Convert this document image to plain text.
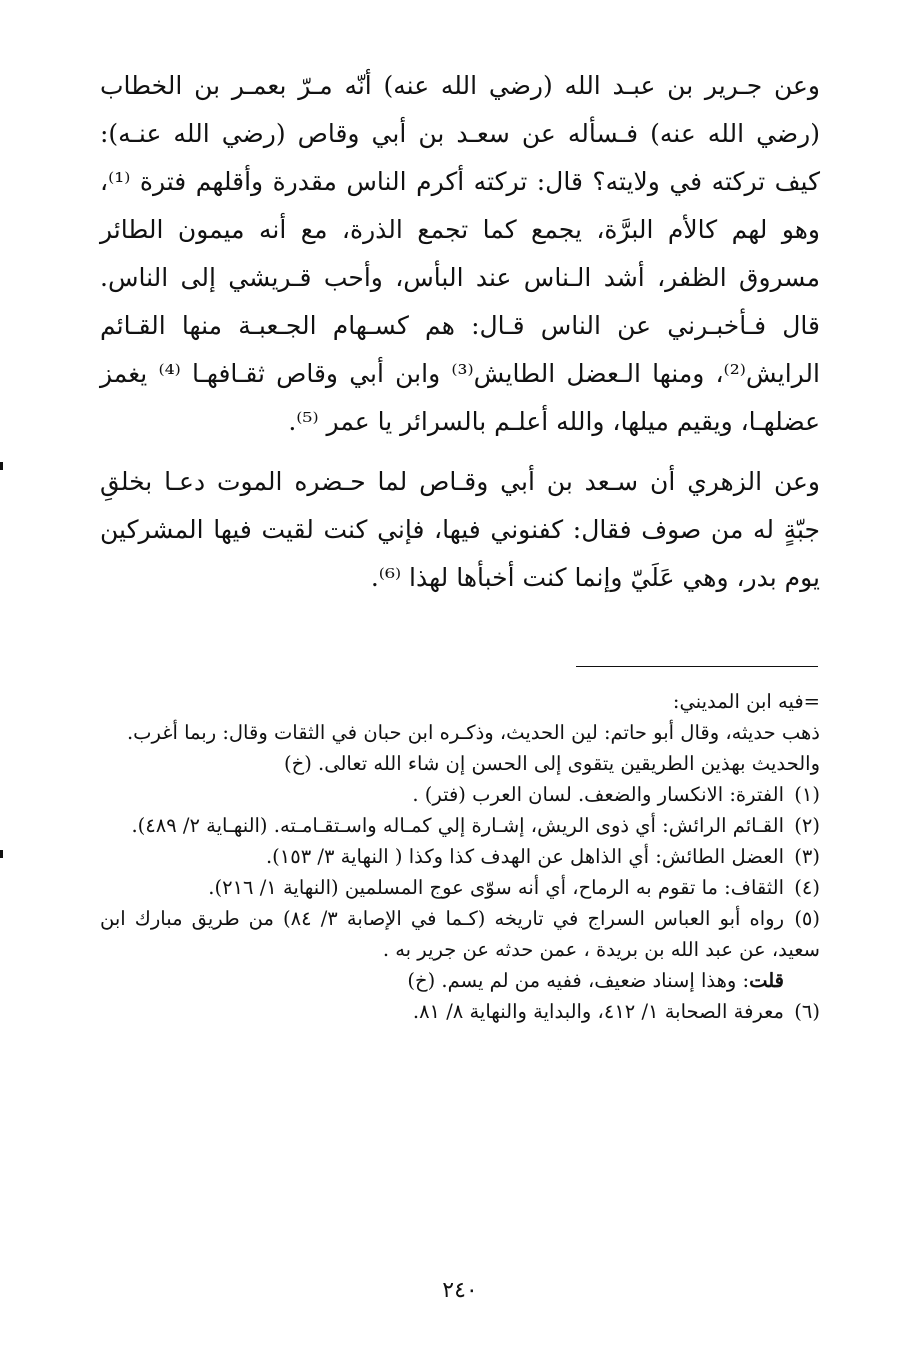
وعن جـرير بن عبـد الله (رضي الله عنه) أنّه مـرّ بعمـر بن الخطاب (رضي الله عنه) فـسأله عن سعـد بن أبي وقاص (رضي الله عنـه): كيف تركته في ولايته؟ قال: تركته أكرم الناس مقدرة وأقلهم فترة ⁽¹⁾، وهو لهم كالأم البرَّة، يجمع كما تجمع الذرة، مع أنه ميمون الطائر مسروق الظفر، أشد الـناس عند البأس، وأحب قـريشي إلى الناس. قال فـأخبـرني عن الناس قـال: هم كسـهام الجـعبـة منها القـائم الرايش⁽²⁾، ومنها الـعضل الطايش⁽³⁾ وابن أبي وقاص ثقـافهـا ⁽⁴⁾ يغمز عضلهـا، ويقيم ميلها، والله أعلـم بالسرائر يا عمر ⁽⁵⁾.

وعن الزهري أن سـعد بن أبي وقـاص لما حـضره الموت دعـا بخلقِ جبّةٍ له من صوف فقال: كفنوني فيها، فإني كنت لقيت فيها المشركين يوم بدر، وهي عَلَيّ وإنما كنت أخبأها لهذا ⁽⁶⁾.

=فيه ابن المديني:

ذهب حديثه، وقال أبو حاتم: لين الحديث، وذكـره ابن حبان في الثقات وقال: ربما أغرب.

والحديث بهذين الطريقين يتقوى إلى الحسن إن شاء الله تعالى. (خ)

(١)الفترة: الانكسار والضعف. لسان العرب (فتر) .

(٢)القـائم الرائش: أي ذوى الريش، إشـارة إلي كمـاله واسـتقـامـته. (النهـاية ٢/ ٤٨٩).

(٣)العضل الطائش: أي الذاهل عن الهدف كذا وكذا ( النهاية ٣/ ١٥٣).

(٤)الثقاف: ما تقوم به الرماح، أي أنه سوّى عوج المسلمين (النهاية ١/ ٢١٦).

(٥)رواه أبو العباس السراج في تاريخه (كـما في الإصابة ٣/ ٨٤) من طريق مبارك ابن سعيد، عن عبد الله بن بريدة ، عمن حدثه عن جرير به .

قلت: وهذا إسناد ضعيف، ففيه من لم يسم. (خ)

(٦)معرفة الصحابة ١/ ٤١٢، والبداية والنهاية ٨/ ٨١.

٢٤٠
